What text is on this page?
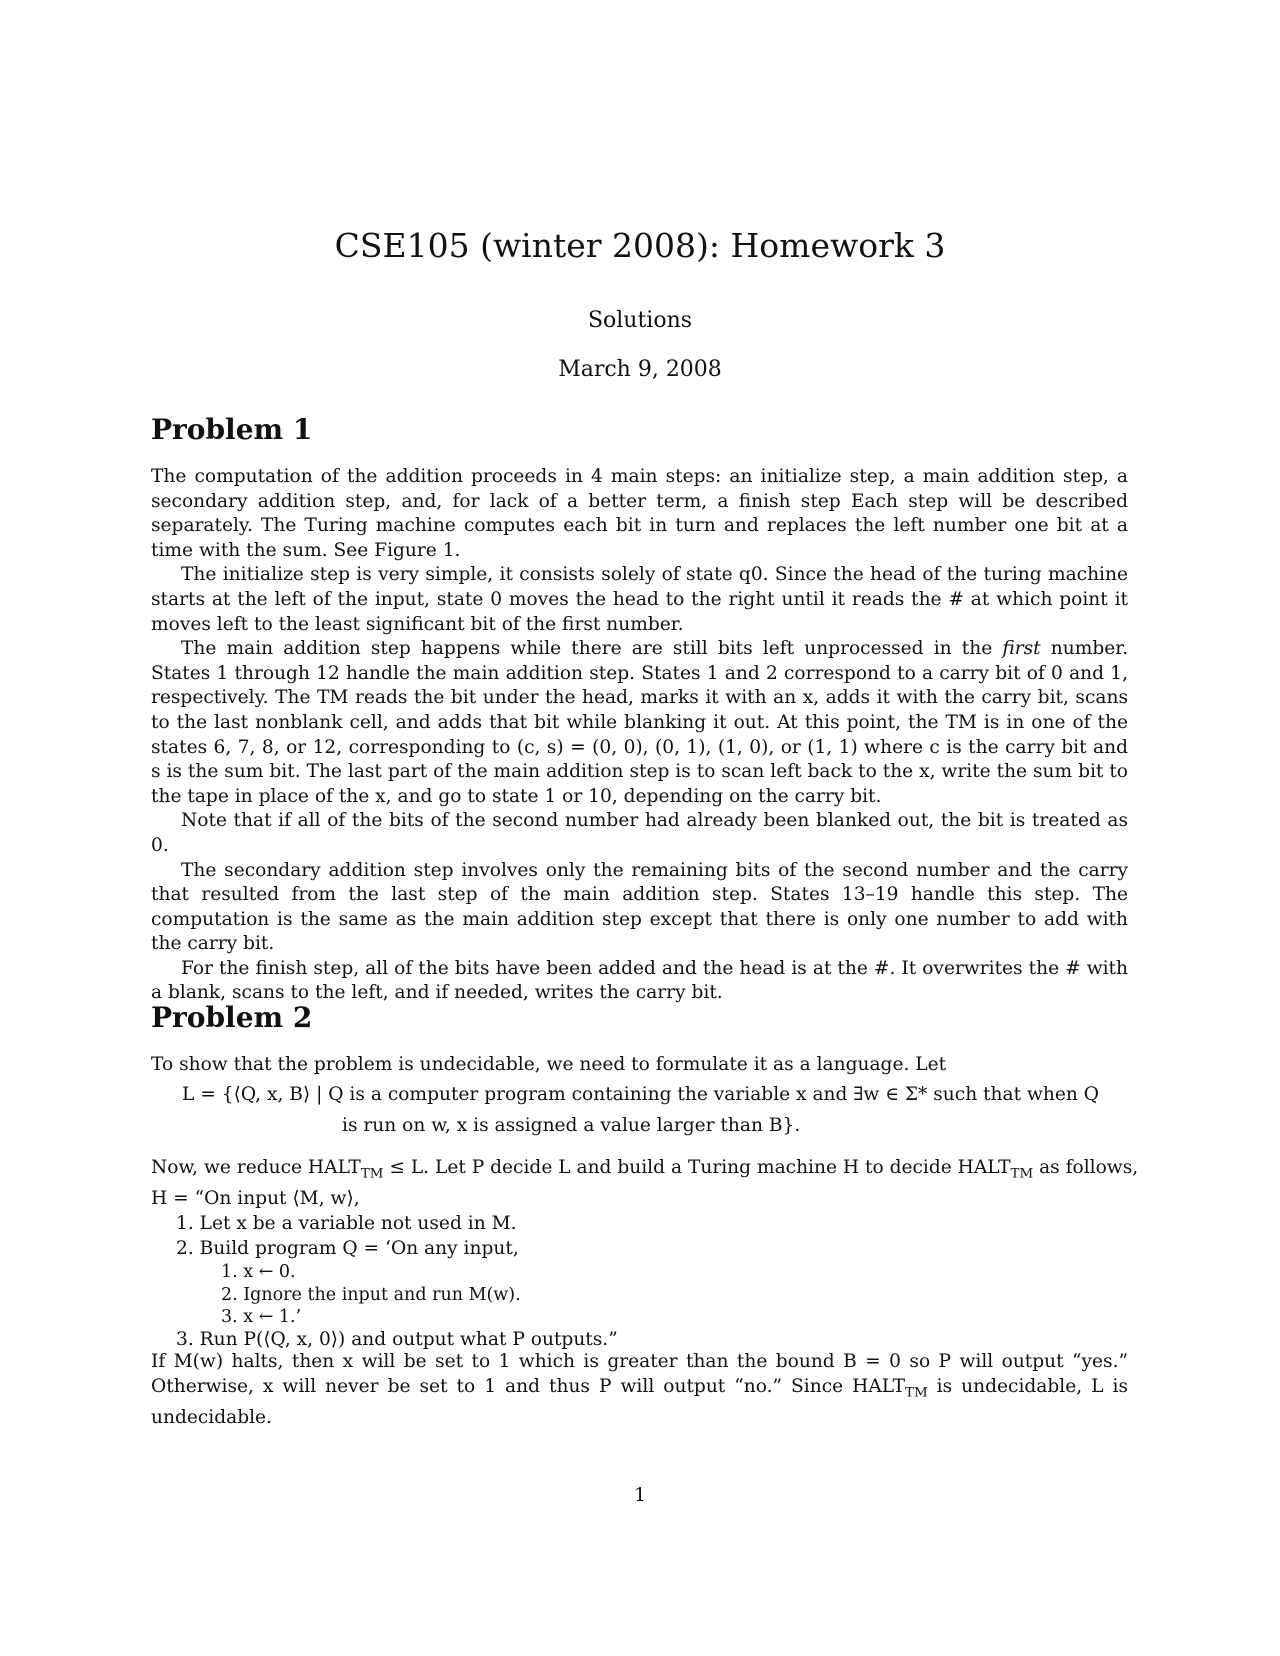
CSE105 (winter 2008): Homework 3
Solutions
March 9, 2008
Problem 1

The computation of the addition proceeds in 4 main steps: an initialize step, a main addition step, a secondary addition step, and, for lack of a better term, a finish step Each step will be described separately. The Turing machine computes each bit in turn and replaces the left number one bit at a time with the sum. See Figure 1.

The initialize step is very simple, it consists solely of state q0. Since the head of the turing machine starts at the left of the input, state 0 moves the head to the right until it reads the # at which point it moves left to the least significant bit of the first number.

The main addition step happens while there are still bits left unprocessed in the first number. States 1 through 12 handle the main addition step. States 1 and 2 correspond to a carry bit of 0 and 1, respectively. The TM reads the bit under the head, marks it with an x, adds it with the carry bit, scans to the last nonblank cell, and adds that bit while blanking it out. At this point, the TM is in one of the states 6, 7, 8, or 12, corresponding to (c, s) = (0, 0), (0, 1), (1, 0), or (1, 1) where c is the carry bit and s is the sum bit. The last part of the main addition step is to scan left back to the x, write the sum bit to the tape in place of the x, and go to state 1 or 10, depending on the carry bit.

Note that if all of the bits of the second number had already been blanked out, the bit is treated as 0.

The secondary addition step involves only the remaining bits of the second number and the carry that resulted from the last step of the main addition step. States 13–19 handle this step. The computation is the same as the main addition step except that there is only one number to add with the carry bit.

For the finish step, all of the bits have been added and the head is at the #. It overwrites the # with a blank, scans to the left, and if needed, writes the carry bit.

Problem 2
To show that the problem is undecidable, we need to formulate it as a language. Let
L = {⟨Q, x, B⟩ | Q is a computer program containing the variable x and ∃w ∈ Σ* such that when Q
is run on w, x is assigned a value larger than B}.
Now, we reduce $HALT_{TM} \le L$. Let P decide L and build a Turing machine H to decide $HALT_{TM}$ as follows,
H = “On input ⟨M, w⟩,
1. Let x be a variable not used in M.
2. Build program Q = ‘On any input,
1. x ← 0.
2. Ignore the input and run M(w).
3. x ← 1.’
3. Run P(⟨Q, x, 0⟩) and output what P outputs.”
If M(w) halts, then x will be set to 1 which is greater than the bound B = 0 so P will output “yes.” Otherwise, x will never be set to 1 and thus P will output “no.” Since $HALT_{TM}$ is undecidable, L is undecidable.
1
